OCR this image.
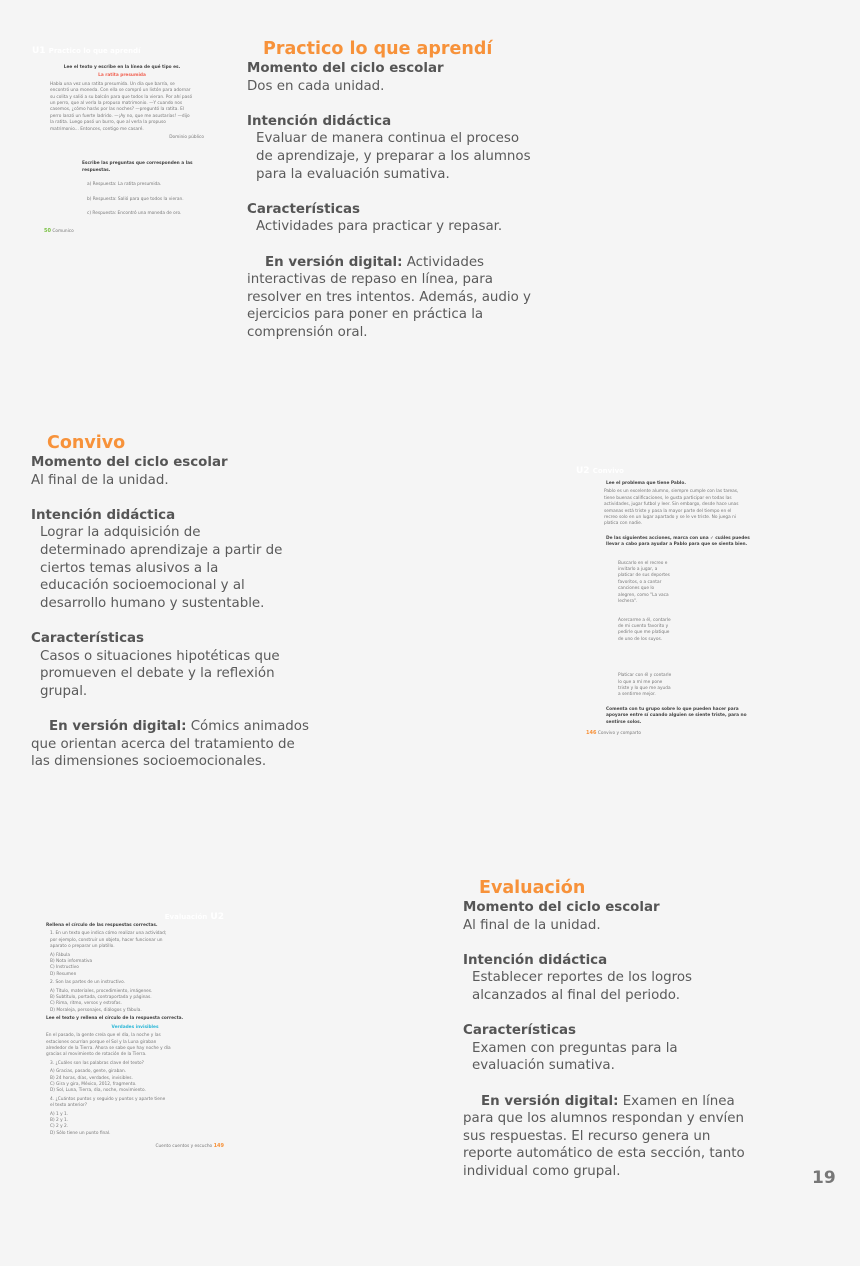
Practico lo que aprendí
Momento del ciclo escolar
Dos en cada unidad.
Intención didáctica
Evaluar de manera continua el proceso de aprendizaje, y preparar a los alumnos para la evaluación sumativa.
Características
Actividades para practicar y repasar.
En versión digital: Actividades interactivas de repaso en línea, para resolver en tres intentos. Además, audio y ejercicios para poner en práctica la comprensión oral.
Convivo
Momento del ciclo escolar
Al final de la unidad.
Intención didáctica
Lograr la adquisición de determinado aprendizaje a partir de ciertos temas alusivos a la educación socioemocional y al desarrollo humano y sustentable.
Características
Casos o situaciones hipotéticas que promueven el debate y la reflexión grupal.
En versión digital: Cómics animados que orientan acerca del tratamiento de las dimensiones socioemocionales.
Evaluación
Momento del ciclo escolar
Al final de la unidad.
Intención didáctica
Establecer reportes de los logros alcanzados al final del periodo.
Características
Examen con preguntas para la evaluación sumativa.
En versión digital: Examen en línea para que los alumnos respondan y envíen sus respuestas. El recurso genera un reporte automático de esta sección, tanto individual como grupal.
U1 Practico lo que aprendí

Lee el texto y escribe en la línea de qué tipo es.

La ratita presumida

Había una vez una ratita presumida. Un día que barría, se encontró una moneda. Con ella se compró un listón para adornar su colita y salió a su balcón para que todos la vieran. Por ahí pasó un perro, que al verla la propuso matrimonio. —Y cuando nos casemos, ¿cómo harás por las noches? —preguntó la ratita. El perro lanzó un fuerte ladrido. —¡Ay no, que me asustarías! —dijo la ratita. Luego pasó un burro, que al verla la propuso matrimonio... Entonces, contigo me casaré.

Dominio público

Escribe las preguntas que corresponden a las respuestas.

a) Respuesta: La ratita presumida.

b) Respuesta: Salió para que todos la vieran.

c) Respuesta: Encontró una moneda de oro.

50 Comunico

U2 Convivo

Lee el problema que tiene Pablo.

Pablo es un excelente alumno, siempre cumple con las tareas, tiene buenas calificaciones, le gusta participar en todas las actividades, jugar futbol y leer. Sin embargo, desde hace unas semanas está triste y pasa la mayor parte del tiempo en el recreo solo en un lugar apartado y se le ve triste. No juega ni platica con nadie.

De las siguientes acciones, marca con una ✓ cuáles puedes llevar a cabo para ayudar a Pablo para que se sienta bien.

Buscarlo en el recreo e invitarlo a jugar, a platicar de sus deportes favoritos, o a cantar canciones que lo alegren, como "La vaca lechera".

Acercarme a él, contarle de mi cuento favorito y pedirle que me platique de uno de los suyos.

Platicar con él y contarle lo que a mí me pone triste y lo que me ayuda a sentirme mejor.

Comenta con tu grupo sobre lo que pueden hacer para apoyarse entre sí cuando alguien se siente triste, para no sentirse solos.

146 Convivo y comparto

Evaluación U2

Rellena el círculo de las respuestas correctas.

1. En un texto que indica cómo realizar una actividad; por ejemplo, construir un objeto, hacer funcionar un aparato o preparar un platillo.

A) Fábula

B) Nota informativa

C) Instructivo

D) Resumen

2. Son las partes de un instructivo.

A) Título, materiales, procedimiento, imágenes.

B) Subtítulo, portada, contraportada y páginas.

C) Rima, ritmo, versos y estrofas.

D) Moraleja, personajes, diálogos y fábula.

Lee el texto y rellena el círculo de la respuesta correcta.

Verdades invisibles

En el pasado, la gente creía que el día, la noche y las estaciones ocurrían porque el Sol y la Luna giraban alrededor de la Tierra. Ahora se sabe que hay noche y día gracias al movimiento de rotación de la Tierra.

3. ¿Cuáles son las palabras clave del texto?

A) Gracias, pasado, gente, giraban.

B) 24 horas, días, verdades, invisibles.

C) Gira y gira, México, 2012, fragmento.

D) Sol, Luna, Tierra, día, noche, movimiento.

4. ¿Cuántos puntos y seguido y puntos y aparte tiene el texto anterior?

A) 1 y 1.

B) 2 y 1.

C) 2 y 2.

D) Sólo tiene un punto final.

Cuento cuentos y escucho 149

19
